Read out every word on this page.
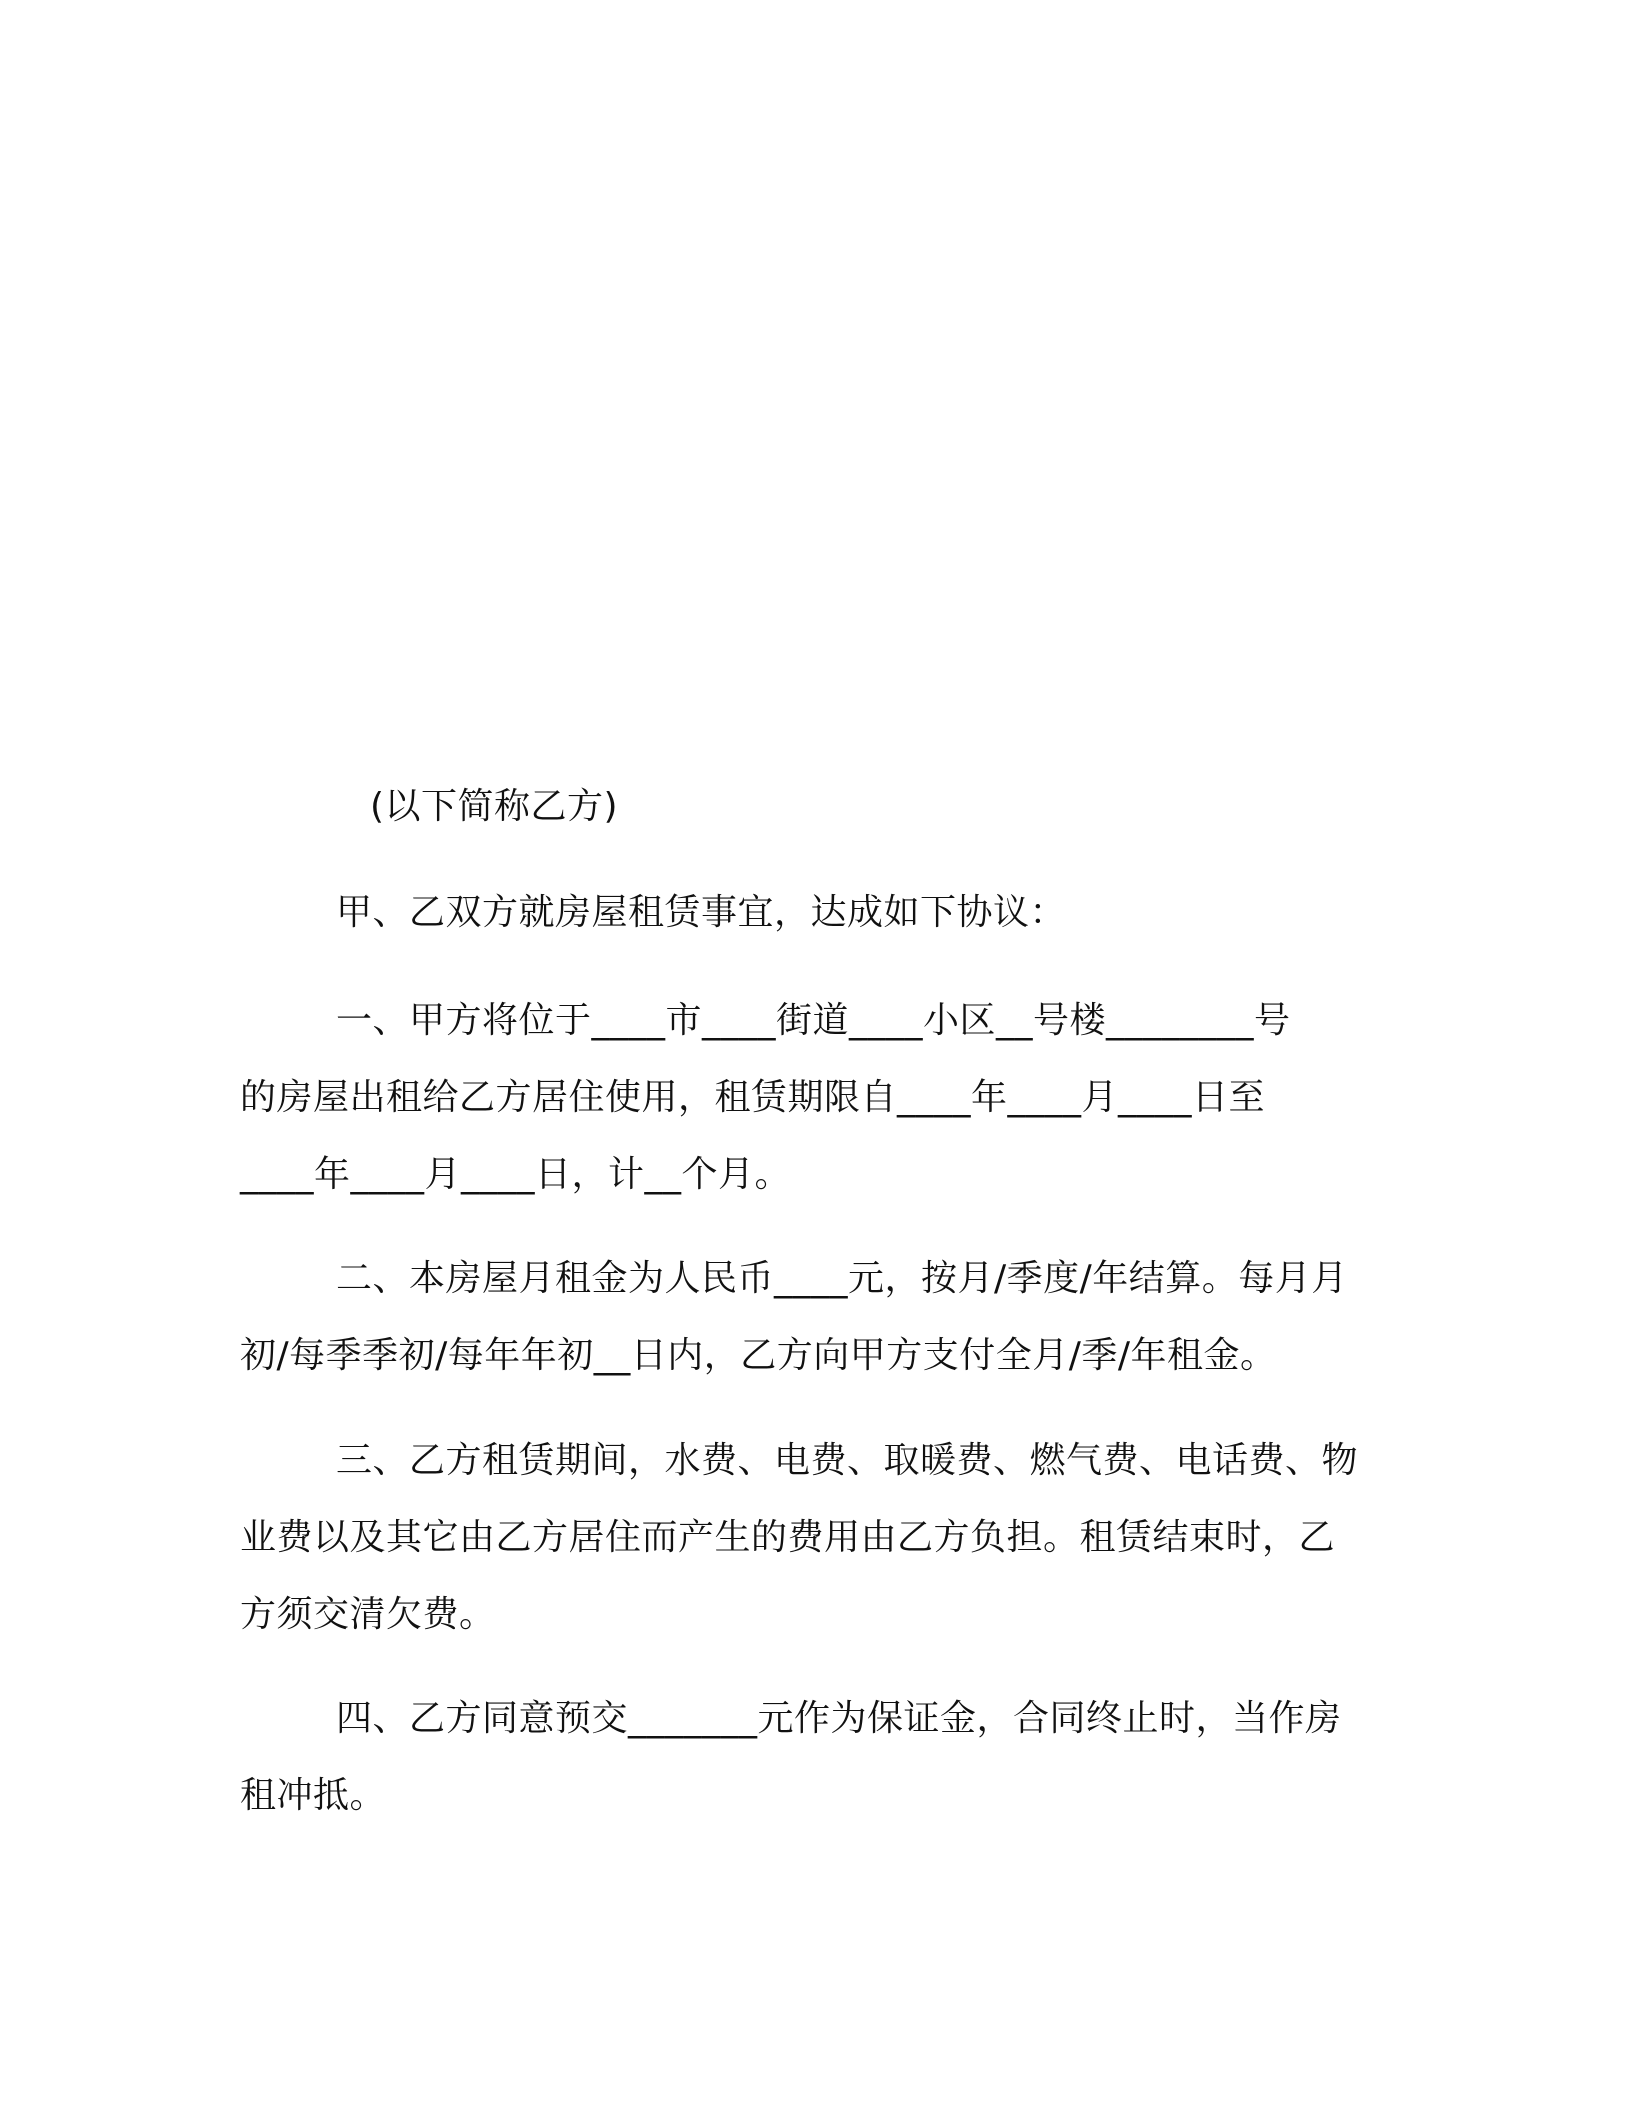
(以下简称乙方)
甲、乙双方就房屋租赁事宜，达成如下协议：
一、甲方将位于____市____街道____小区__号楼________号
的房屋出租给乙方居住使用，租赁期限自____年____月____日至
____年____月____日，计__个月。
二、本房屋月租金为人民币____元，按月/季度/年结算。每月月
初/每季季初/每年年初__日内，乙方向甲方支付全月/季/年租金。
三、乙方租赁期间，水费、电费、取暖费、燃气费、电话费、物
业费以及其它由乙方居住而产生的费用由乙方负担。租赁结束时，乙
方须交清欠费。
四、乙方同意预交_______元作为保证金，合同终止时，当作房
租冲抵。
